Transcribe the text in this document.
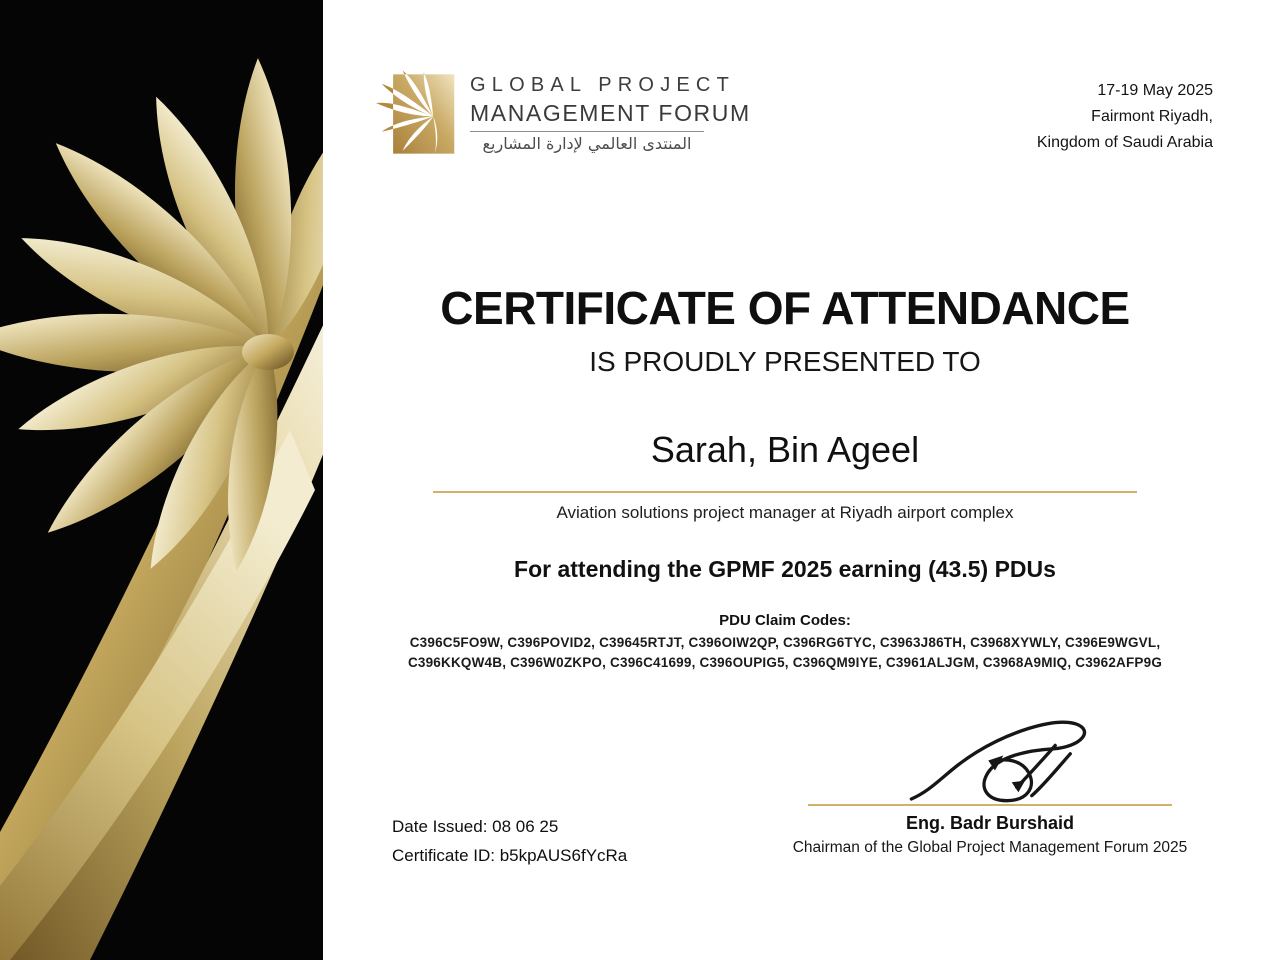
GLOBAL PROJECT
MANAGEMENT FORUM
المنتدى العالمي لإدارة المشاريع
17-19 May 2025
Fairmont Riyadh,
Kingdom of Saudi Arabia
CERTIFICATE OF ATTENDANCE
IS PROUDLY PRESENTED TO
Sarah, Bin Ageel
Aviation solutions project manager at Riyadh airport complex
For attending the GPMF 2025 earning (43.5) PDUs
PDU Claim Codes:
C396C5FO9W, C396POVID2, C39645RTJT, C396OIW2QP, C396RG6TYC, C3963J86TH, C3968XYWLY, C396E9WGVL,
C396KKQW4B, C396W0ZKPO, C396C41699, C396OUPIG5, C396QM9IYE, C3961ALJGM, C3968A9MIQ, C3962AFP9G
Eng. Badr Burshaid
Chairman of the Global Project Management Forum 2025
Date Issued: 08 06 25
Certificate ID: b5kpAUS6fYcRa
